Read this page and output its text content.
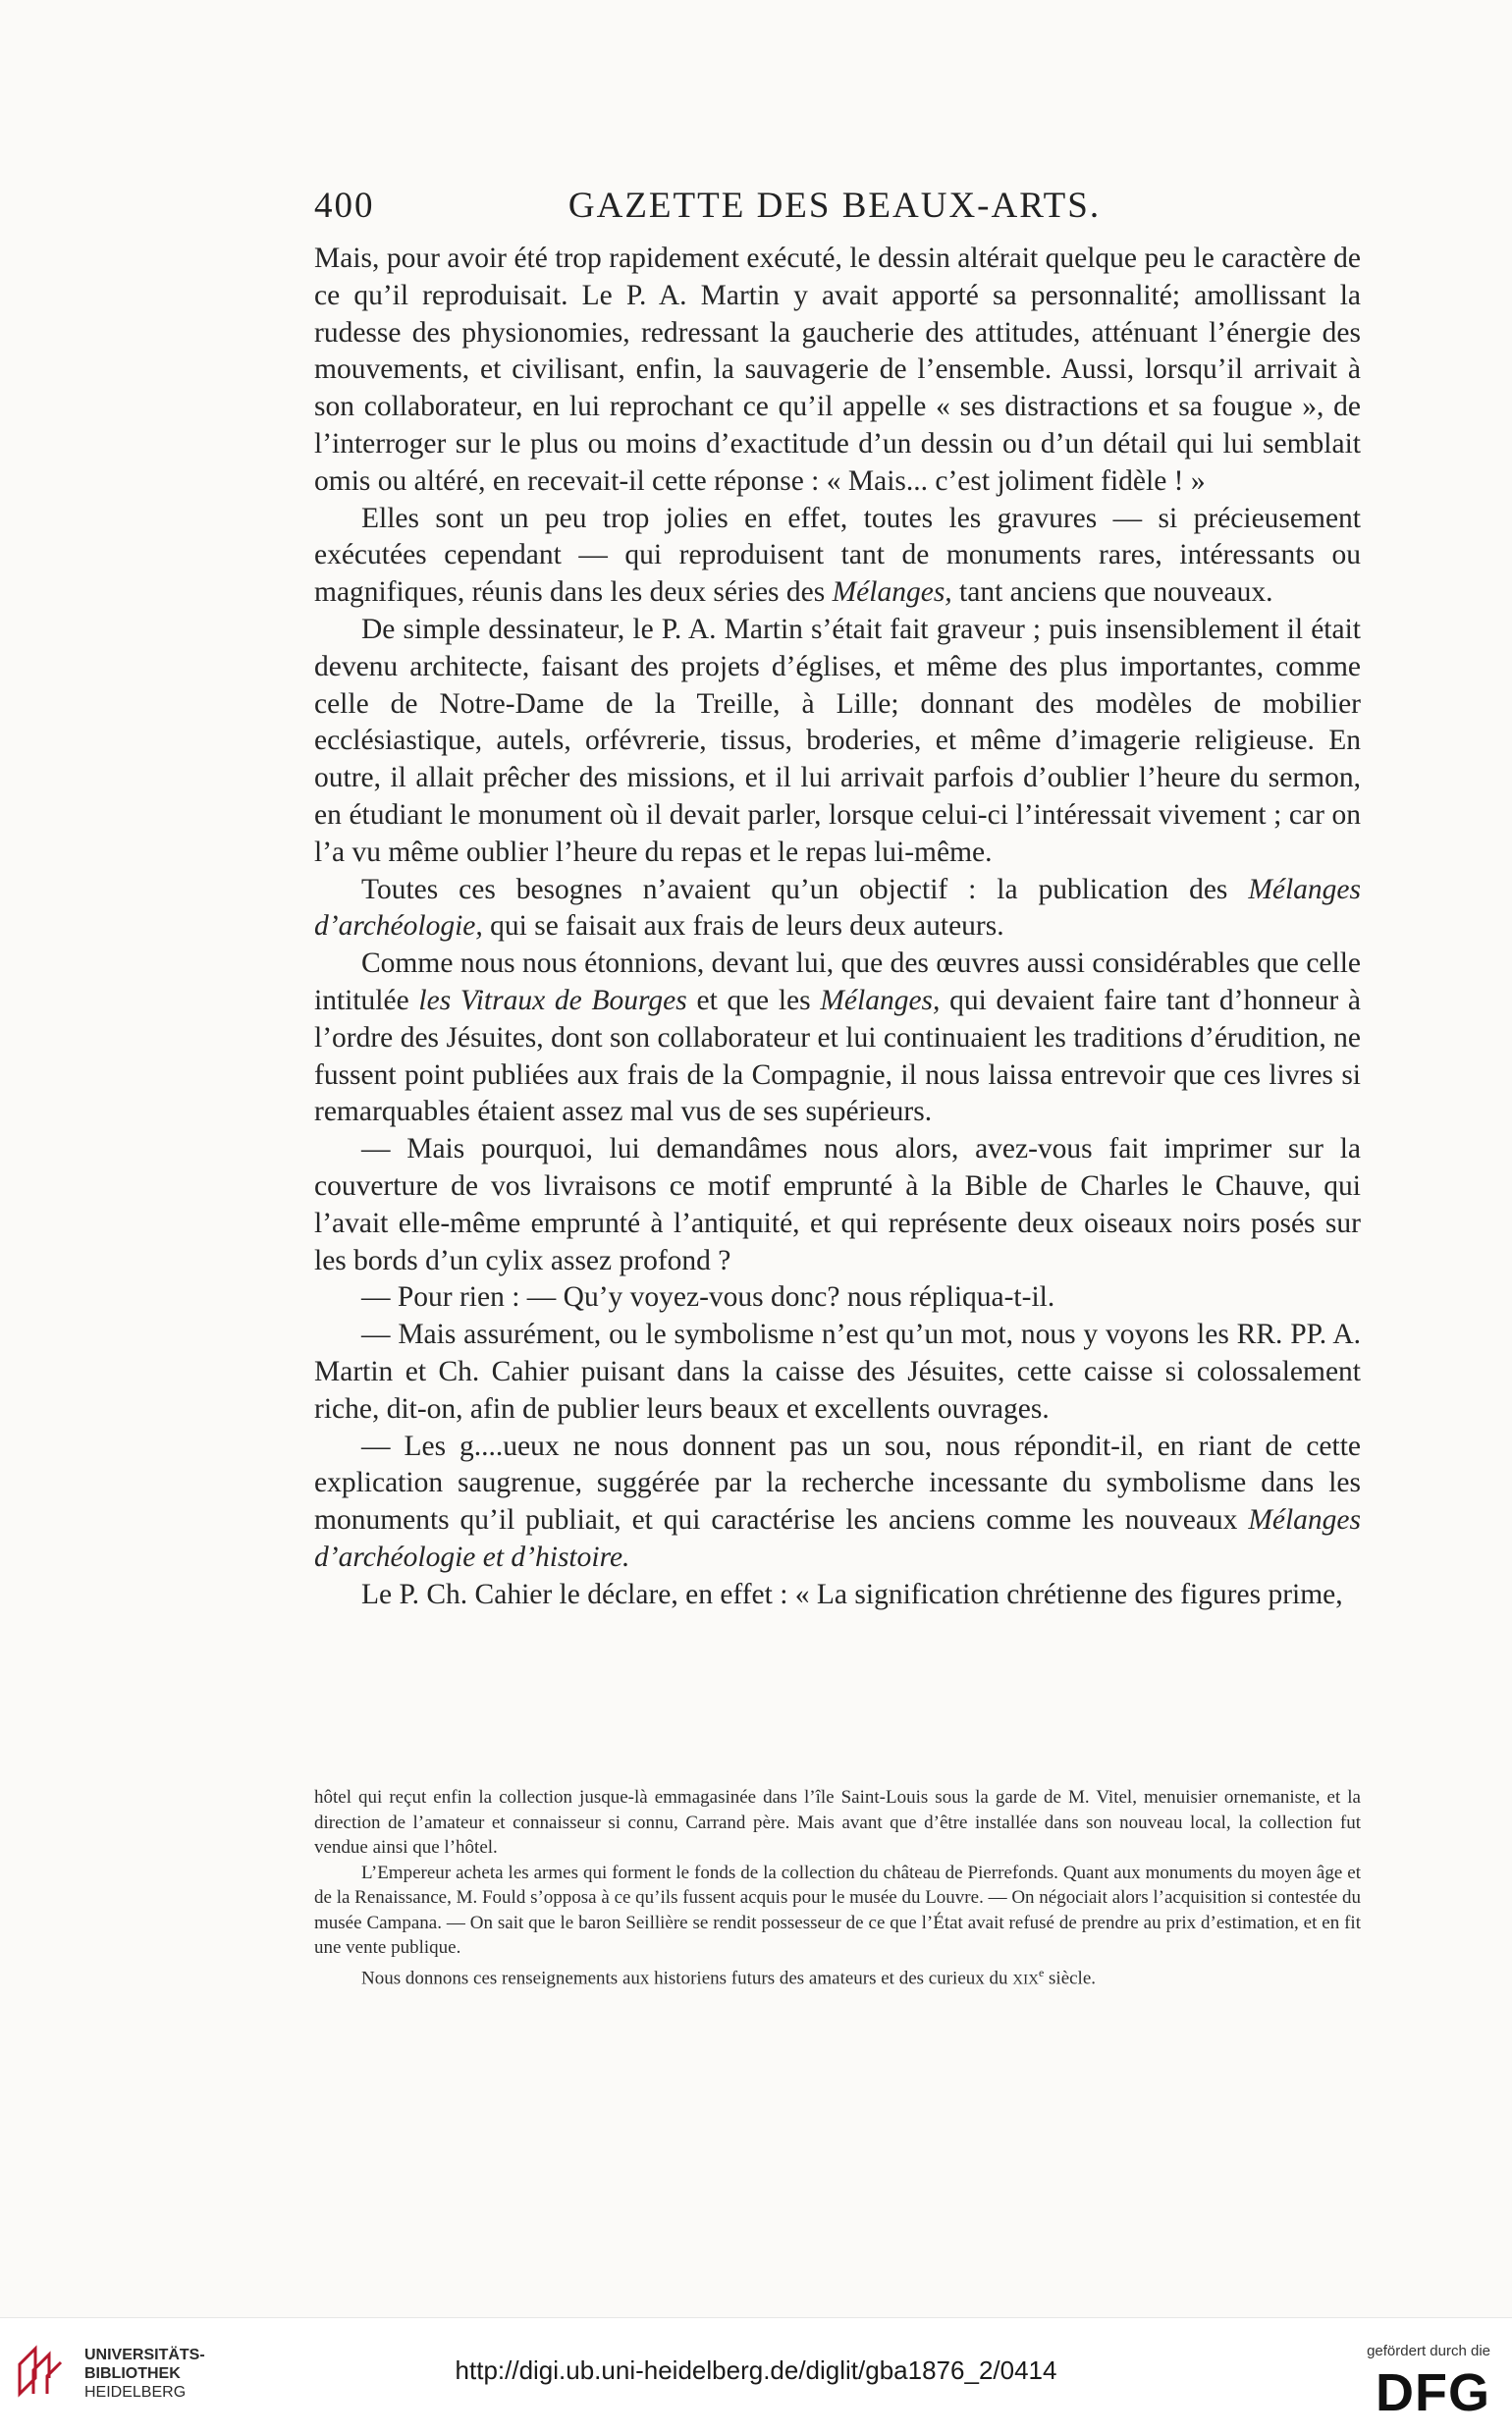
400	GAZETTE DES BEAUX-ARTS.

Mais, pour avoir été trop rapidement exécuté, le dessin altérait quelque peu le caractère de ce qu’il reproduisait. Le P. A. Martin y avait apporté sa personnalité; amollissant la rudesse des physionomies, redressant la gaucherie des attitudes, atténuant l’énergie des mouvements, et civilisant, enfin, la sauvagerie de l’ensemble. Aussi, lorsqu’il arrivait à son collaborateur, en lui reprochant ce qu’il appelle « ses distractions et sa fougue », de l’interroger sur le plus ou moins d’exactitude d’un dessin ou d’un détail qui lui semblait omis ou altéré, en recevait-il cette réponse : « Mais... c’est joliment fidèle ! »

Elles sont un peu trop jolies en effet, toutes les gravures — si précieusement exécutées cependant — qui reproduisent tant de monuments rares, intéressants ou magnifiques, réunis dans les deux séries des Mélanges, tant anciens que nouveaux.

De simple dessinateur, le P. A. Martin s’était fait graveur ; puis insensiblement il était devenu architecte, faisant des projets d’églises, et même des plus importantes, comme celle de Notre-Dame de la Treille, à Lille; donnant des modèles de mobilier ecclésiastique, autels, orfévrerie, tissus, broderies, et même d’imagerie religieuse. En outre, il allait prêcher des missions, et il lui arrivait parfois d’oublier l’heure du sermon, en étudiant le monument où il devait parler, lorsque celui-ci l’intéressait vivement ; car on l’a vu même oublier l’heure du repas et le repas lui-même.

Toutes ces besognes n’avaient qu’un objectif : la publication des Mélanges d’archéologie, qui se faisait aux frais de leurs deux auteurs.

Comme nous nous étonnions, devant lui, que des œuvres aussi considérables que celle intitulée les Vitraux de Bourges et que les Mélanges, qui devaient faire tant d’honneur à l’ordre des Jésuites, dont son collaborateur et lui continuaient les traditions d’érudition, ne fussent point publiées aux frais de la Compagnie, il nous laissa entrevoir que ces livres si remarquables étaient assez mal vus de ses supérieurs.

— Mais pourquoi, lui demandâmes nous alors, avez-vous fait imprimer sur la couverture de vos livraisons ce motif emprunté à la Bible de Charles le Chauve, qui l’avait elle-même emprunté à l’antiquité, et qui représente deux oiseaux noirs posés sur les bords d’un cylix assez profond ?

— Pour rien : — Qu’y voyez-vous donc? nous répliqua-t-il.

— Mais assurément, ou le symbolisme n’est qu’un mot, nous y voyons les RR. PP. A. Martin et Ch. Cahier puisant dans la caisse des Jésuites, cette caisse si colossalement riche, dit-on, afin de publier leurs beaux et excellents ouvrages.

— Les g....ueux ne nous donnent pas un sou, nous répondit-il, en riant de cette explication saugrenue, suggérée par la recherche incessante du symbolisme dans les monuments qu’il publiait, et qui caractérise les anciens comme les nouveaux Mélanges d’archéologie et d’histoire.

Le P. Ch. Cahier le déclare, en effet : « La signification chrétienne des figures prime,

hôtel qui reçut enfin la collection jusque-là emmagasinée dans l’île Saint-Louis sous la garde de M. Vitel, menuisier ornemaniste, et la direction de l’amateur et connaisseur si connu, Carrand père. Mais avant que d’être installée dans son nouveau local, la collection fut vendue ainsi que l’hôtel.

L’Empereur acheta les armes qui forment le fonds de la collection du château de Pierrefonds. Quant aux monuments du moyen âge et de la Renaissance, M. Fould s’opposa à ce qu’ils fussent acquis pour le musée du Louvre. — On négociait alors l’acquisition si contestée du musée Campana. — On sait que le baron Seillière se rendit possesseur de ce que l’État avait refusé de prendre au prix d’estimation, et en fit une vente publique.

Nous donnons ces renseignements aux historiens futurs des amateurs et des curieux du XIXe siècle.

UNIVERSITÄTS-
BIBLIOTHEK
HEIDELBERG
http://digi.ub.uni-heidelberg.de/diglit/gba1876_2/0414
gefördert durch die
DFG
